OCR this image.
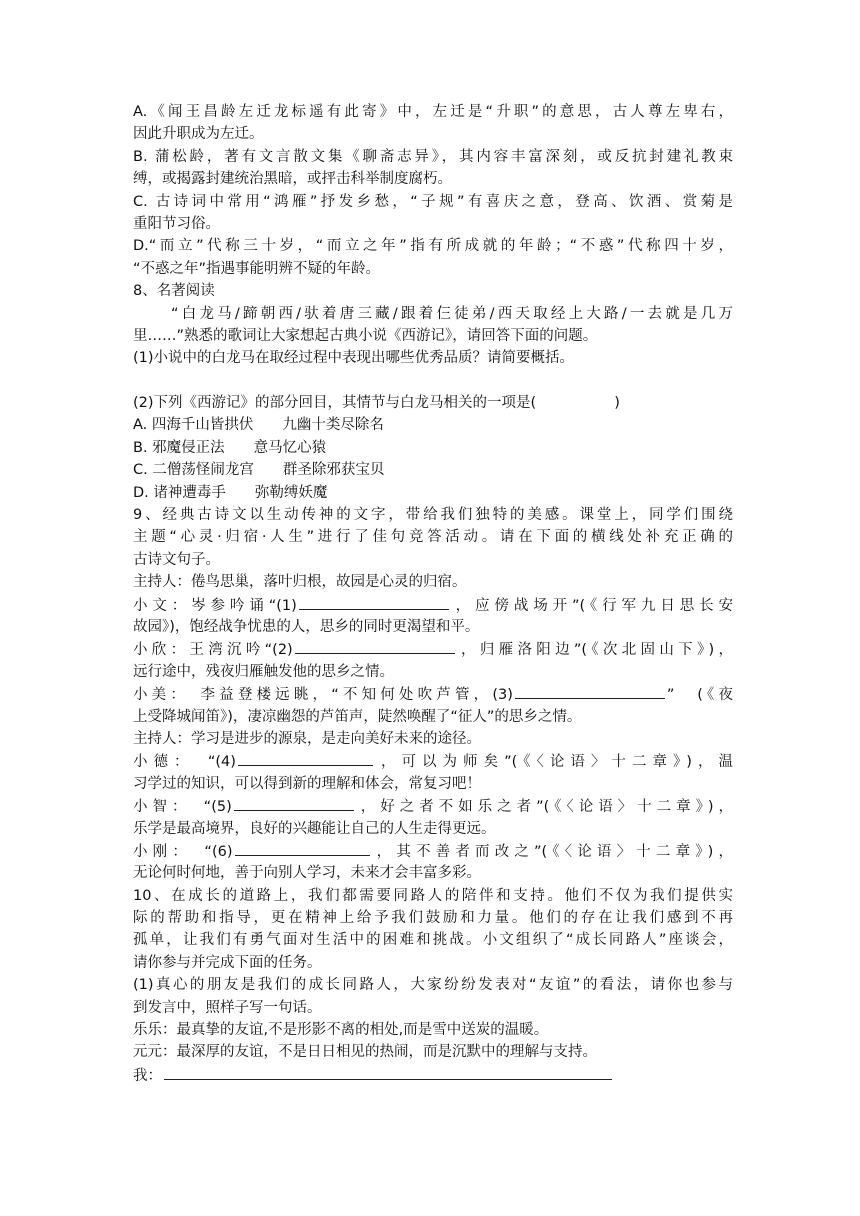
A.《闻王昌龄左迁龙标遥有此寄》中，左迁是“升职”的意思，古人尊左卑右，
因此升职成为左迁。
B. 蒲松龄，著有文言散文集《聊斋志异》，其内容丰富深刻，或反抗封建礼教束
缚，或揭露封建统治黑暗，或抨击科举制度腐朽。
C. 古诗词中常用“鸿雁”抒发乡愁，“子规”有喜庆之意，登高、饮酒、赏菊是
重阳节习俗。
D.“而立”代称三十岁，“而立之年”指有所成就的年龄；“不惑”代称四十岁，
“不惑之年”指遇事能明辨不疑的年龄。
8、名著阅读
“白龙马/蹄朝西/驮着唐三藏/跟着仨徒弟/西天取经上大路/一去就是几万
里……”熟悉的歌词让大家想起古典小说《西游记》，请回答下面的问题。
(1)小说中的白龙马在取经过程中表现出哪些优秀品质？请简要概括。
(2)下列《西游记》的部分回目，其情节与白龙马相关的一项是(	)
A. 四海千山皆拱伏　　九幽十类尽除名
B. 邪魔侵正法　　意马忆心猿
C. 二僧荡怪闹龙宫　　群圣除邪获宝贝
D. 诸神遭毒手　　弥勒缚妖魔
9、经典古诗文以生动传神的文字，带给我们独特的美感。课堂上，同学们围绕
主题“心灵·归宿·人生”进行了佳句竞答活动。请在下面的横线处补充正确的
古诗文句子。
主持人：倦鸟思巢，落叶归根，故园是心灵的归宿。
小文：岑参吟诵“(1)	，应傍战场开”(《行军九日思长安
故园》)，饱经战争忧患的人，思乡的同时更渴望和平。
小欣：王湾沉吟“(2)	，归雁洛阳边”(《次北固山下》)，
远行途中，残夜归雁触发他的思乡之情。
小美：　李益登楼远眺，“不知何处吹芦管，(3)	”　(《夜
上受降城闻笛》)，凄凉幽怨的芦笛声，陡然唤醒了“征人”的思乡之情。
主持人：学习是进步的源泉，是走向美好未来的途径。
小德：　“(4)	，可以为师矣”(《〈论语〉十二章》)，温
习学过的知识，可以得到新的理解和体会，常复习吧！
小智：　“(5)	，好之者不如乐之者”(《〈论语〉十二章》)，
乐学是最高境界，良好的兴趣能让自己的人生走得更远。
小刚：　“(6)	，其不善者而改之”(《〈论语〉十二章》)，
无论何时何地，善于向别人学习，未来才会丰富多彩。
10、在成长的道路上，我们都需要同路人的陪伴和支持。他们不仅为我们提供实
际的帮助和指导，更在精神上给予我们鼓励和力量。他们的存在让我们感到不再
孤单，让我们有勇气面对生活中的困难和挑战。小文组织了“成长同路人”座谈会，
请你参与并完成下面的任务。
(1)真心的朋友是我们的成长同路人，大家纷纷发表对“友谊”的看法，请你也参与
到发言中，照样子写一句话。
乐乐：最真挚的友谊,不是形影不离的相处,而是雪中送炭的温暖。
元元：最深厚的友谊，不是日日相见的热闹，而是沉默中的理解与支持。
我：
